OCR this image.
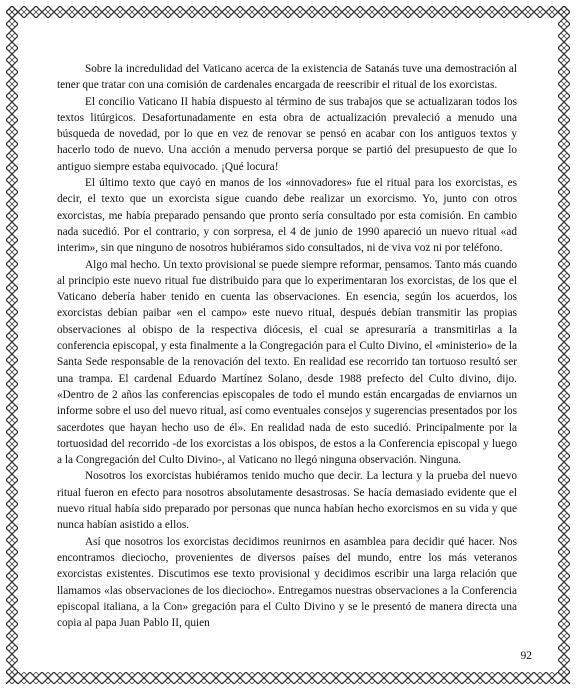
Sobre la incredulidad del Vaticano acerca de la existencia de Satanás tuve una demostración al tener que tratar con una comisión de cardenales encargada de reescribir el ritual de los exorcistas.

El concilio Vaticano II había dispuesto al término de sus trabajos que se actualizaran todos los textos litúrgicos. Desafortunadamente en esta obra de actualización prevaleció a menudo una búsqueda de novedad, por lo que en vez de renovar se pensó en acabar con los antiguos textos y hacerlo todo de nuevo. Una acción a menudo perversa porque se partió del presupuesto de que lo antiguo siempre estaba equivocado. ¡Qué locura!

El último texto que cayó en manos de los «innovadores» fue el ritual para los exorcistas, es decir, el texto que un exorcista sigue cuando debe realizar un exorcismo. Yo, junto con otros exorcistas, me había preparado pensando que pronto sería consultado por esta comisión. En cambio nada sucedió. Por el contrario, y con sorpresa, el 4 de junio de 1990 apareció un nuevo ritual «ad interim», sin que ninguno de nosotros hubiéramos sido consultados, ni de viva voz ni por teléfono.

Algo mal hecho. Un texto provisional se puede siempre reformar, pensamos. Tanto más cuando al principio este nuevo ritual fue distribuido para que lo experimentaran los exorcistas, de los que el Vaticano debería haber tenido en cuenta las observaciones. En esencia, según los acuerdos, los exorcistas debían paibar «en el campo» este nuevo ritual, después debían transmitir las propias observaciones al obispo de la respectiva diócesis, el cual se apresuraría a transmitirlas a la conferencia episcopal, y esta finalmente a la Congregación para el Culto Divino, el «ministerio» de la Santa Sede responsable de la renovación del texto. En realidad ese recorrido tan tortuoso resultó ser una trampa. El cardenal Eduardo Martínez Solano, desde 1988 prefecto del Culto divino, dijo. «Dentro de 2 años las conferencias episcopales de todo el mundo están encargadas de enviarnos un informe sobre el uso del nuevo ritual, así como eventuales consejos y sugerencias presentados por los sacerdotes que hayan hecho uso de él». En realidad nada de esto sucedió. Principalmente por la tortuosidad del recorrido -de los exorcistas a los obispos, de estos a la Conferencia episcopal y luego a la Congregación del Culto Divino-, al Vaticano no llegó ninguna observación. Ninguna.

Nosotros los exorcistas hubiéramos tenido mucho que decir. La lectura y la prueba del nuevo ritual fueron en efecto para nosotros absolutamente desastrosas. Se hacía demasiado evidente que el nuevo ritual había sido preparado por personas que nunca habían hecho exorcismos en su vida y que nunca habían asistido a ellos.

Así que nosotros los exorcistas decidimos reunirnos en asamblea para decidir qué hacer. Nos encontramos dieciocho, provenientes de diversos países del mundo, entre los más veteranos exorcistas existentes. Discutimos ese texto provisional y decidimos escribir una larga relación que llamamos «las observaciones de los dieciocho». Entregamos nuestras observaciones a la Conferencia episcopal italiana, a la Con» gregación para el Culto Divino y se le presentó de manera directa una copia al papa Juan Pablo II, quien

92
